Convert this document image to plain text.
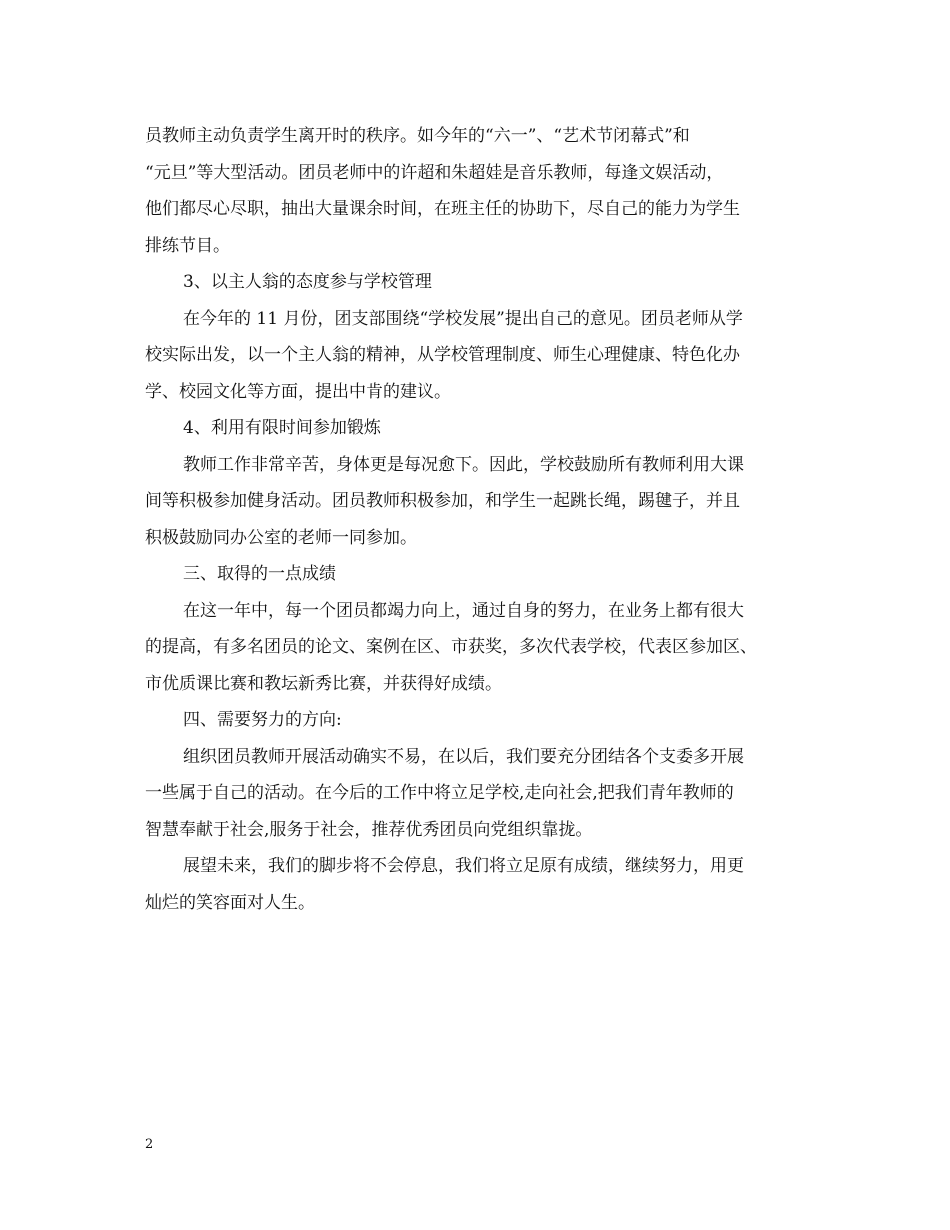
员教师主动负责学生离开时的秩序。如今年的“六一”、“艺术节闭幕式”和
“元旦”等大型活动。团员老师中的许超和朱超娃是音乐教师，每逢文娱活动，
他们都尽心尽职，抽出大量课余时间，在班主任的协助下，尽自己的能力为学生
排练节目。
3、以主人翁的态度参与学校管理
在今年的 11 月份，团支部围绕“学校发展”提出自己的意见。团员老师从学
校实际出发，以一个主人翁的精神，从学校管理制度、师生心理健康、特色化办
学、校园文化等方面，提出中肯的建议。
4、利用有限时间参加锻炼
教师工作非常辛苦，身体更是每况愈下。因此，学校鼓励所有教师利用大课
间等积极参加健身活动。团员教师积极参加，和学生一起跳长绳，踢毽子，并且
积极鼓励同办公室的老师一同参加。
三、取得的一点成绩
在这一年中，每一个团员都竭力向上，通过自身的努力，在业务上都有很大
的提高，有多名团员的论文、案例在区、市获奖，多次代表学校，代表区参加区、
市优质课比赛和教坛新秀比赛，并获得好成绩。
四、需要努力的方向:
组织团员教师开展活动确实不易，在以后，我们要充分团结各个支委多开展
一些属于自己的活动。在今后的工作中将立足学校,走向社会,把我们青年教师的
智慧奉献于社会,服务于社会，推荐优秀团员向党组织靠拢。
展望未来，我们的脚步将不会停息，我们将立足原有成绩，继续努力，用更
灿烂的笑容面对人生。
2
